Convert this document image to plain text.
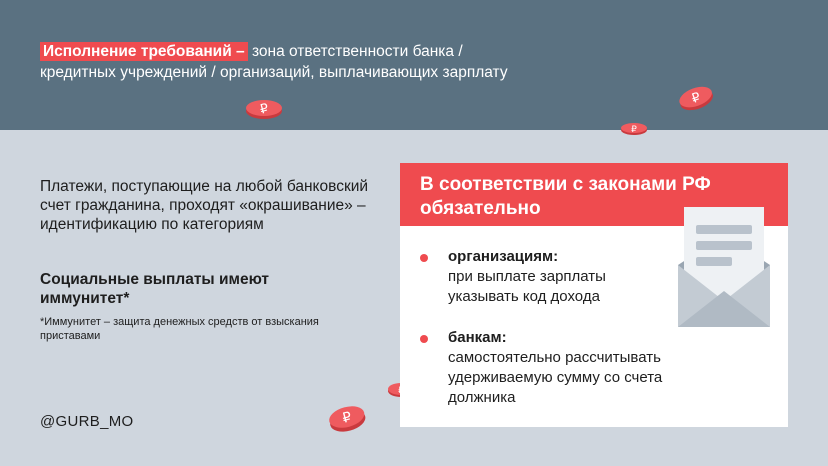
Исполнение требований – зона ответственности банка /
кредитных учреждений / организаций, выплачивающих зарплату
₽
₽
₽
₽
Платежи, поступающие на любой банковский счет гражданина, проходят «окрашивание» – идентификацию по категориям
Социальные выплаты имеют иммунитет*
*Иммунитет – защита денежных средств от взыскания приставами
@GURB_MO
В соответствии с законами РФ обязательно
организациям:
при выплате зарплаты указывать код дохода
банкам:
самостоятельно рассчитывать удерживаемую сумму со счета должника
